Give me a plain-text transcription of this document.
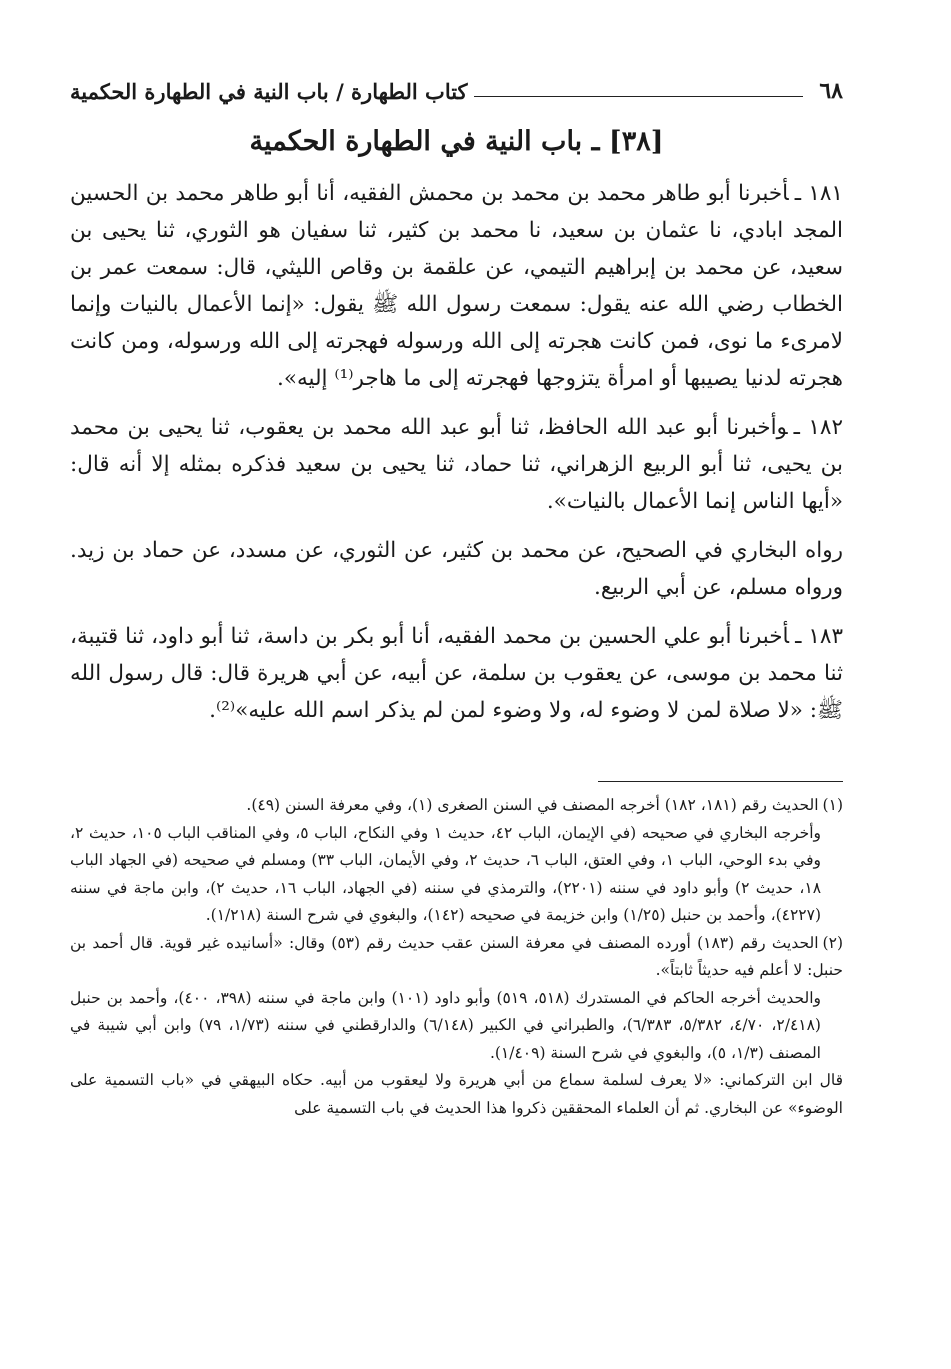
٦٨
كتاب الطهارة / باب النية في الطهارة الحكمية
[٣٨] ـ باب النية في الطهارة الحكمية

١٨١ ـأخبرنا أبو طاهر محمد بن محمد بن محمش الفقيه، أنا أبو طاهر محمد بن الحسين المجد ابادي، نا عثمان بن سعيد، نا محمد بن كثير، ثنا سفيان هو الثوري، ثنا يحيى بن سعيد، عن محمد بن إبراهيم التيمي، عن علقمة بن وقاص الليثي، قال: سمعت عمر بن الخطاب رضي الله عنه يقول: سمعت رسول الله ﷺ يقول: «إنما الأعمال بالنيات وإنما لامرىء ما نوى، فمن كانت هجرته إلى الله ورسوله فهجرته إلى الله ورسوله، ومن كانت هجرته لدنيا يصيبها أو امرأة يتزوجها فهجرته إلى ما هاجر⁽¹⁾ إليه».

١٨٢ ـوأخبرنا أبو عبد الله الحافظ، ثنا أبو عبد الله محمد بن يعقوب، ثنا يحيى بن محمد بن يحيى، ثنا أبو الربيع الزهراني، ثنا حماد، ثنا يحيى بن سعيد فذكره بمثله إلا أنه قال: «أيها الناس إنما الأعمال بالنيات».

رواه البخاري في الصحيح، عن محمد بن كثير، عن الثوري، عن مسدد، عن حماد بن زيد. ورواه مسلم، عن أبي الربيع.

١٨٣ ـأخبرنا أبو علي الحسين بن محمد الفقيه، أنا أبو بكر بن داسة، ثنا أبو داود، ثنا قتيبة، ثنا محمد بن موسى، عن يعقوب بن سلمة، عن أبيه، عن أبي هريرة قال: قال رسول الله ﷺ: «لا صلاة لمن لا وضوء له، ولا وضوء لمن لم يذكر اسم الله عليه»⁽²⁾.

(١)الحديث رقم (١٨١، ١٨٢) أخرجه المصنف في السنن الصغرى (١)، وفي معرفة السنن (٤٩).
وأخرجه البخاري في صحيحه (في الإيمان، الباب ٤٢، حديث ١ وفي النكاح، الباب ٥، وفي المناقب الباب ١٠٥، حديث ٢، وفي بدء الوحي، الباب ١، وفي العتق، الباب ٦، حديث ٢، وفي الأيمان، الباب ٣٣) ومسلم في صحيحه (في الجهاد الباب ١٨، حديث ٢) وأبو داود في سننه (٢٢٠١)، والترمذي في سننه (في الجهاد، الباب ١٦، حديث ٢)، وابن ماجة في سننه (٤٢٢٧)، وأحمد بن حنبل (١/٢٥) وابن خزيمة في صحيحه (١٤٢)، والبغوي في شرح السنة (١/٢١٨).
(٢)الحديث رقم (١٨٣) أورده المصنف في معرفة السنن عقب حديث رقم (٥٣) وقال: «أسانيده غير قوية. قال أحمد بن حنبل: لا أعلم فيه حديثاً ثابتاً».
والحديث أخرجه الحاكم في المستدرك (٥١٨، ٥١٩) وأبو داود (١٠١) وابن ماجة في سننه (٣٩٨، ٤٠٠)، وأحمد بن حنبل (٢/٤١٨، ٤/٧٠، ٥/٣٨٢، ٦/٣٨٣)، والطبراني في الكبير (٦/١٤٨) والدارقطني في سننه (١/٧٣، ٧٩) وابن أبي شيبة في المصنف (١/٣، ٥)، والبغوي في شرح السنة (١/٤٠٩).
قال ابن التركماني: «لا يعرف لسلمة سماع من أبي هريرة ولا ليعقوب من أبيه. حكاه البيهقي في «باب التسمية على الوضوء» عن البخاري. ثم أن العلماء المحققين ذكروا هذا الحديث في باب التسمية على
